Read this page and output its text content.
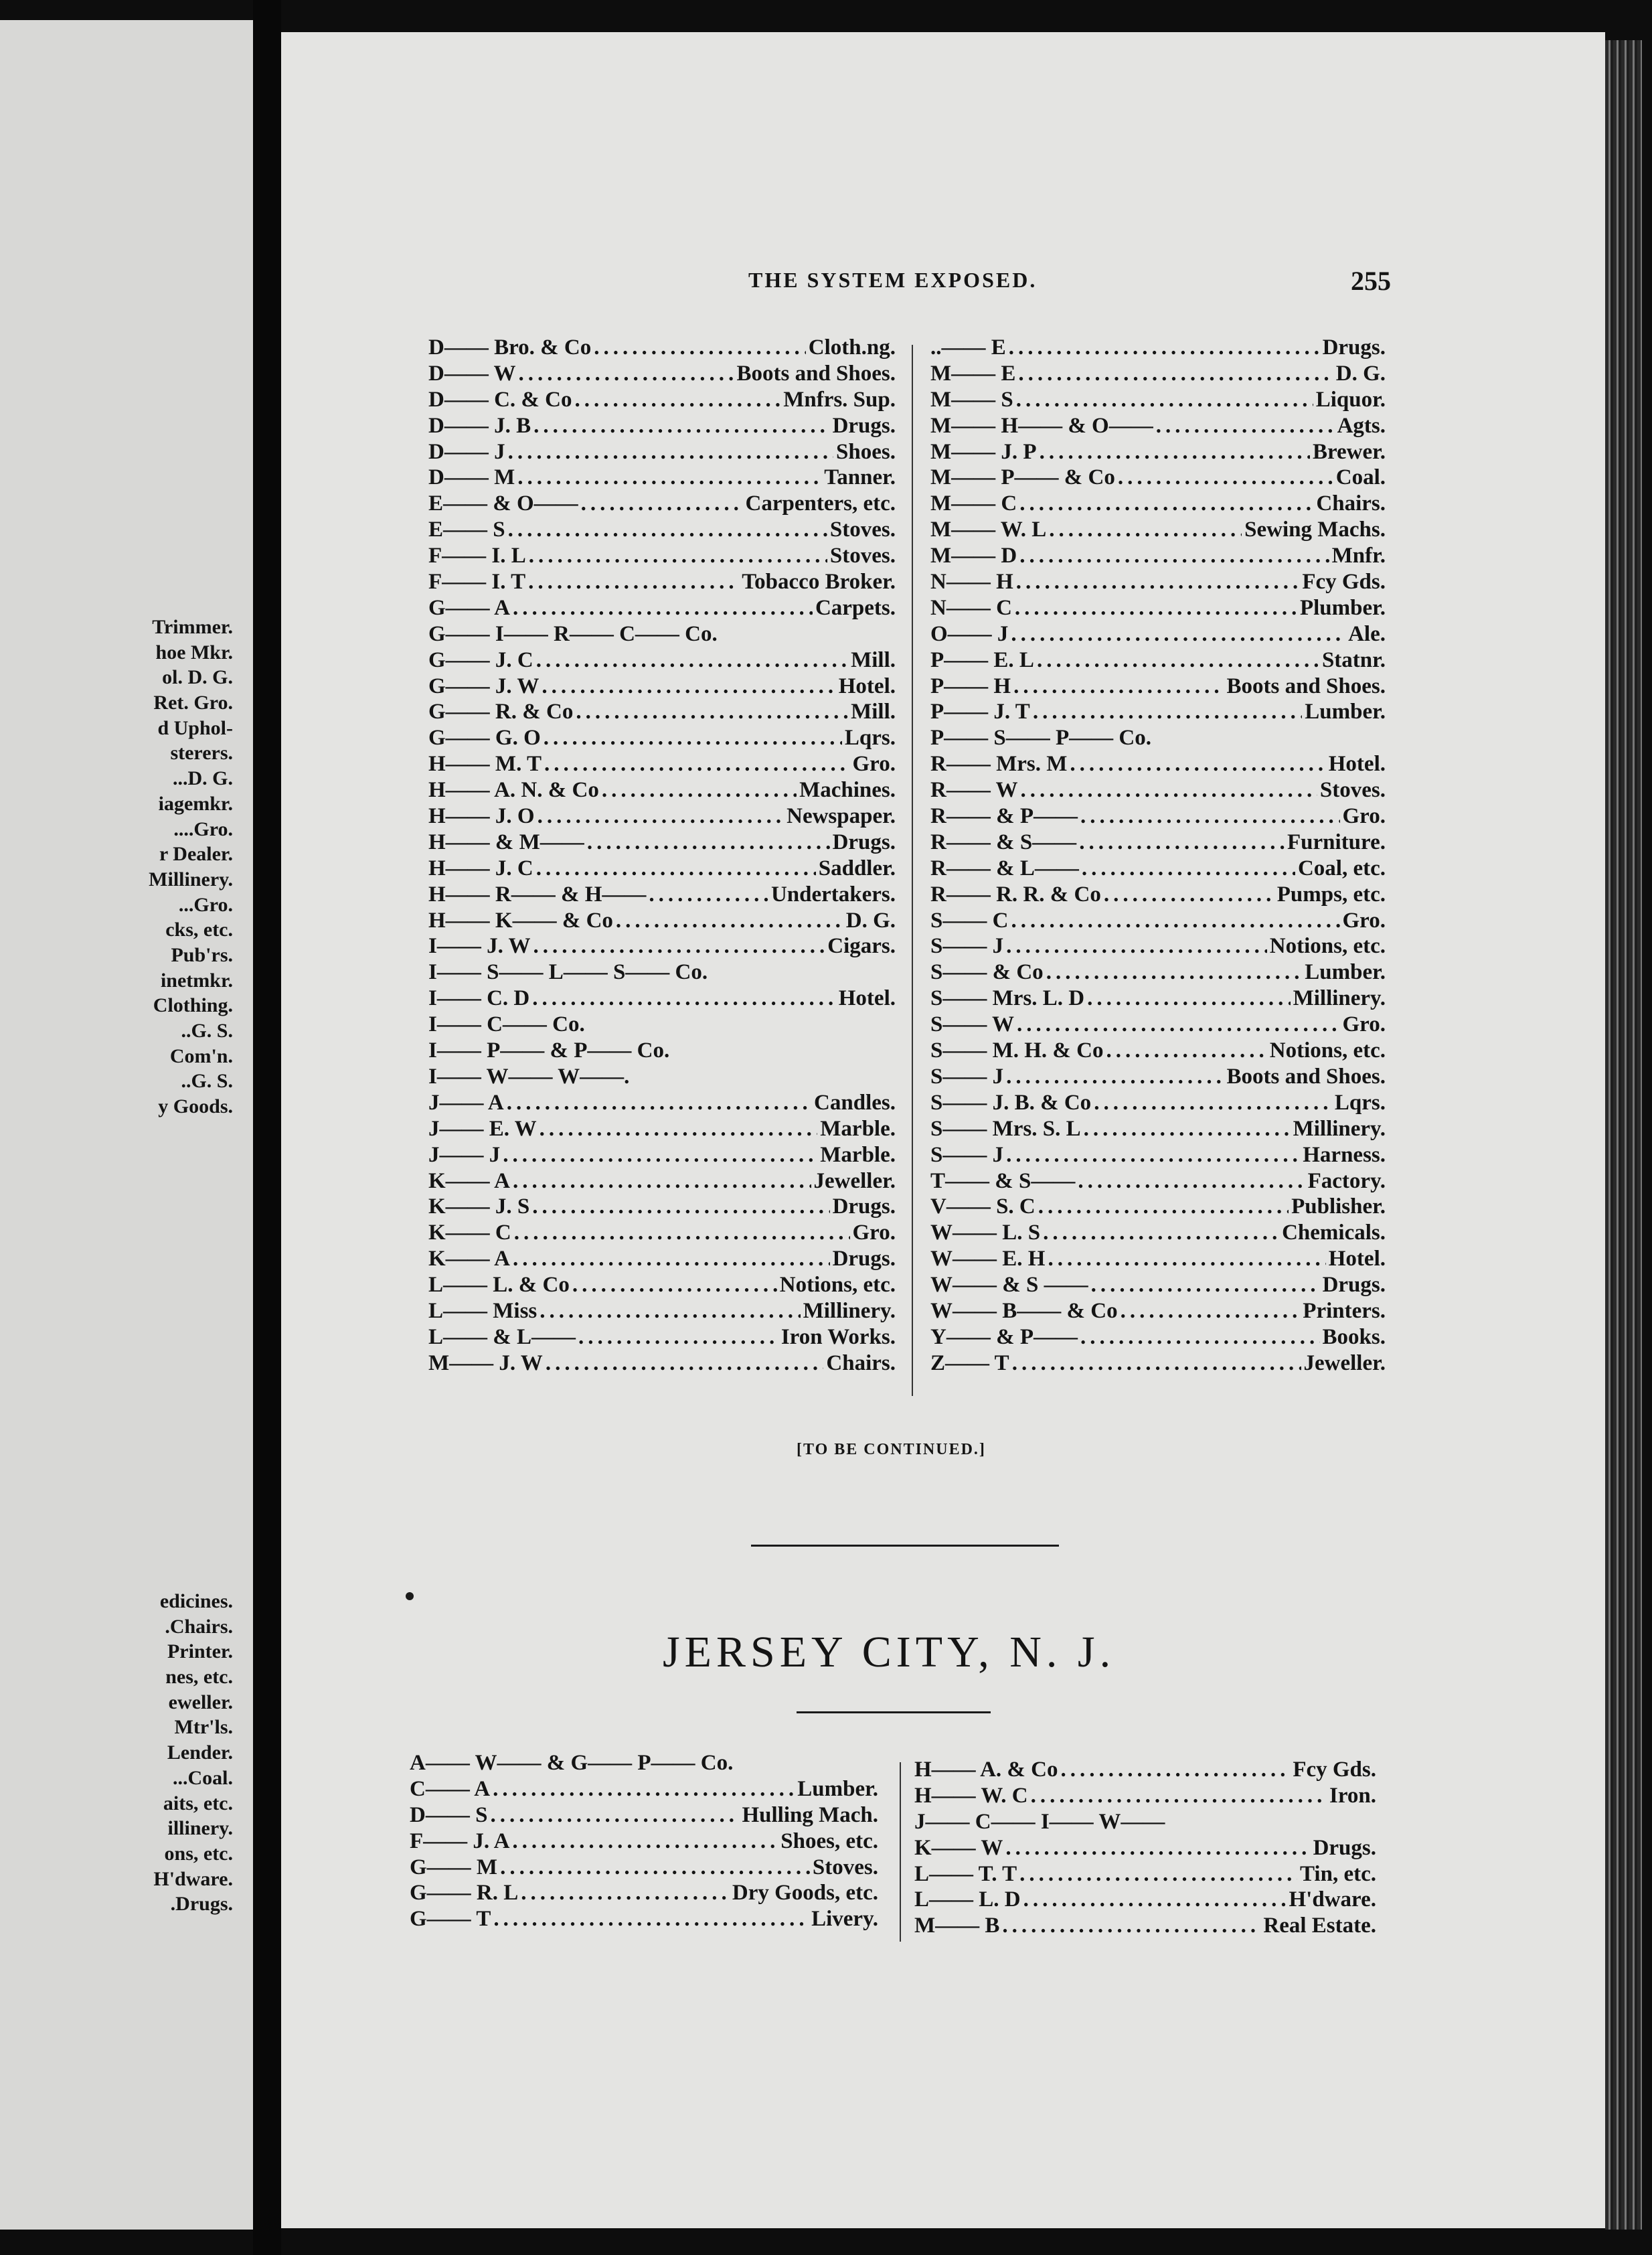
Trimmer.
hoe Mkr.
ol. D. G.
Ret. Gro.
d Uphol-
sterers.
...D. G.
iagemkr.
....Gro.
r Dealer.
Millinery.
...Gro.
cks, etc.
Pub'rs.
inetmkr.
Clothing.
..G. S.
Com'n.
..G. S.
y Goods.
edicines.
.Chairs.
Printer.
nes, etc.
eweller.
Mtr'ls.
Lender.
...Coal.
aits, etc.
illinery.
ons, etc.
H'dware.
.Drugs.
THE SYSTEM EXPOSED.	255
D—— Bro. & Co .....	Cloth.ng.
D—— W .....	Boots and Shoes.
D—— C. & Co .....	Mnfrs. Sup.
D—— J. B .....	Drugs.
D—— J .....	Shoes.
D—— M .....	Tanner.
E—— & O—— .....	Carpenters, etc.
E—— S .....	Stoves.
F—— I. L .....	Stoves.
F—— I. T .....	Tobacco Broker.
G—— A .....	Carpets.
G—— I—— R—— C—— Co.
G—— J. C .....	Mill.
G—— J. W .....	Hotel.
G—— R. & Co .....	Mill.
G—— G. O .....	Lqrs.
H—— M. T .....	Gro.
H—— A. N. & Co .....	Machines.
H—— J. O .....	Newspaper.
H—— & M—— .....	Drugs.
H—— J. C .....	Saddler.
H—— R—— & H—— .....	Undertakers.
H—— K—— & Co .....	D. G.
I—— J. W .....	Cigars.
I—— S—— L—— S—— Co.
I—— C. D .....	Hotel.
I—— C—— Co.
I—— P—— & P—— Co.
I—— W—— W——.
J—— A .....	Candles.
J—— E. W .....	Marble.
J—— J .....	Marble.
K—— A .....	Jeweller.
K—— J. S .....	Drugs.
K—— C .....	Gro.
K—— A .....	Drugs.
L—— L. & Co .....	Notions, etc.
L—— Miss .....	Millinery.
L—— & L—— .....	Iron Works.
M—— J. W .....	Chairs.
..—— E .....	Drugs.
M—— E .....	D. G.
M—— S .....	Liquor.
M—— H—— & O—— .....	Agts.
M—— J. P .....	Brewer.
M—— P—— & Co .....	Coal.
M—— C .....	Chairs.
M—— W. L .....	Sewing Machs.
M—— D .....	Mnfr.
N—— H .....	Fcy Gds.
N—— C .....	Plumber.
O—— J .....	Ale.
P—— E. L .....	Statnr.
P—— H .....	Boots and Shoes.
P—— J. T .....	Lumber.
P—— S—— P—— Co.
R—— Mrs. M .....	Hotel.
R—— W .....	Stoves.
R—— & P—— .....	Gro.
R—— & S—— .....	Furniture.
R—— & L—— .....	Coal, etc.
R—— R. R. & Co .....	Pumps, etc.
S—— C .....	Gro.
S—— J .....	Notions, etc.
S—— & Co .....	Lumber.
S—— Mrs. L. D .....	Millinery.
S—— W .....	Gro.
S—— M. H. & Co .....	Notions, etc.
S—— J .....	Boots and Shoes.
S—— J. B. & Co .....	Lqrs.
S—— Mrs. S. L .....	Millinery.
S—— J .....	Harness.
T—— & S—— .....	Factory.
V—— S. C .....	Publisher.
W—— L. S .....	Chemicals.
W—— E. H .....	Hotel.
W—— & S —— .....	Drugs.
W—— B—— & Co .....	Printers.
Y—— & P—— .....	Books.
Z—— T .....	Jeweller.
[TO BE CONTINUED.]
JERSEY CITY, N. J.
A—— W—— & G—— P—— Co.
C—— A .....	Lumber.
D—— S .....	Hulling Mach.
F—— J. A .....	Shoes, etc.
G—— M .....	Stoves.
G—— R. L .....	Dry Goods, etc.
G—— T .....	Livery.
H—— A. & Co .....	Fcy Gds.
H—— W. C .....	Iron.
J—— C—— I—— W——
K—— W .....	Drugs.
L—— T. T .....	Tin, etc.
L—— L. D .....	H'dware.
M—— B .....	Real Estate.
